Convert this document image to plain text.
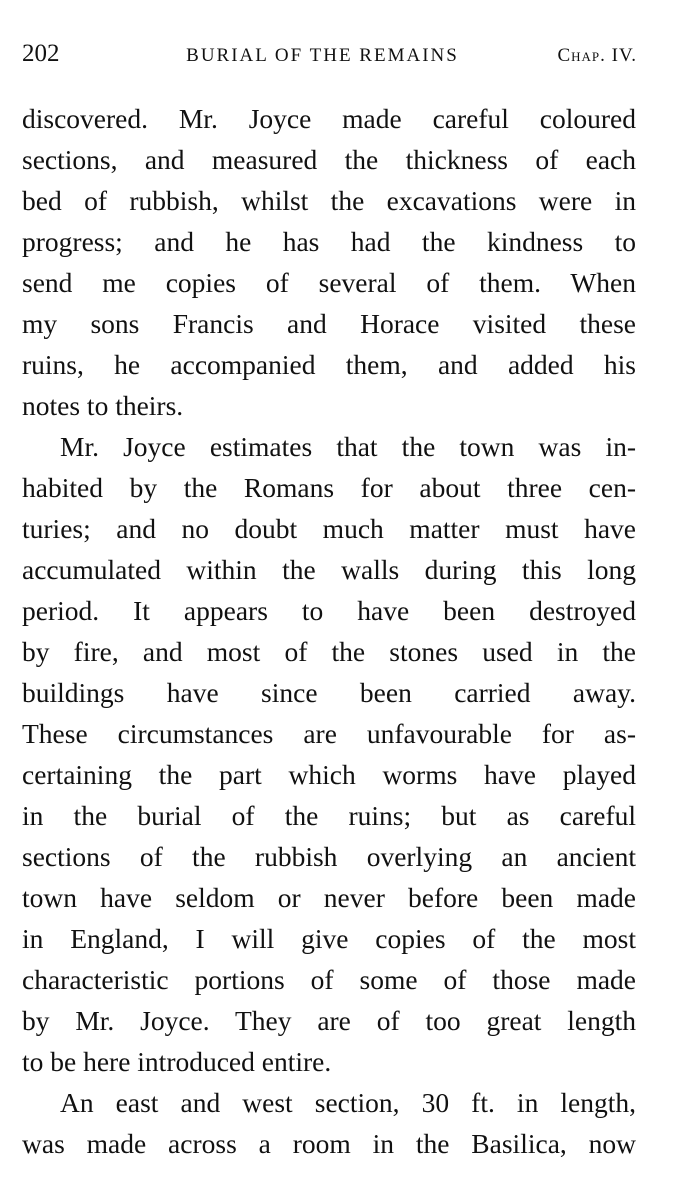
202	BURIAL OF THE REMAINS	Chap. IV.
discovered. Mr. Joyce made careful coloured
sections, and measured the thickness of each
bed of rubbish, whilst the excavations were in
progress; and he has had the kindness to
send me copies of several of them. When
my sons Francis and Horace visited these
ruins, he accompanied them, and added his
notes to theirs.
Mr. Joyce estimates that the town was in-
habited by the Romans for about three cen-
turies; and no doubt much matter must have
accumulated within the walls during this long
period. It appears to have been destroyed
by fire, and most of the stones used in the
buildings have since been carried away.
These circumstances are unfavourable for as-
certaining the part which worms have played
in the burial of the ruins; but as careful
sections of the rubbish overlying an ancient
town have seldom or never before been made
in England, I will give copies of the most
characteristic portions of some of those made
by Mr. Joyce. They are of too great length
to be here introduced entire.
An east and west section, 30 ft. in length,
was made across a room in the Basilica, now
